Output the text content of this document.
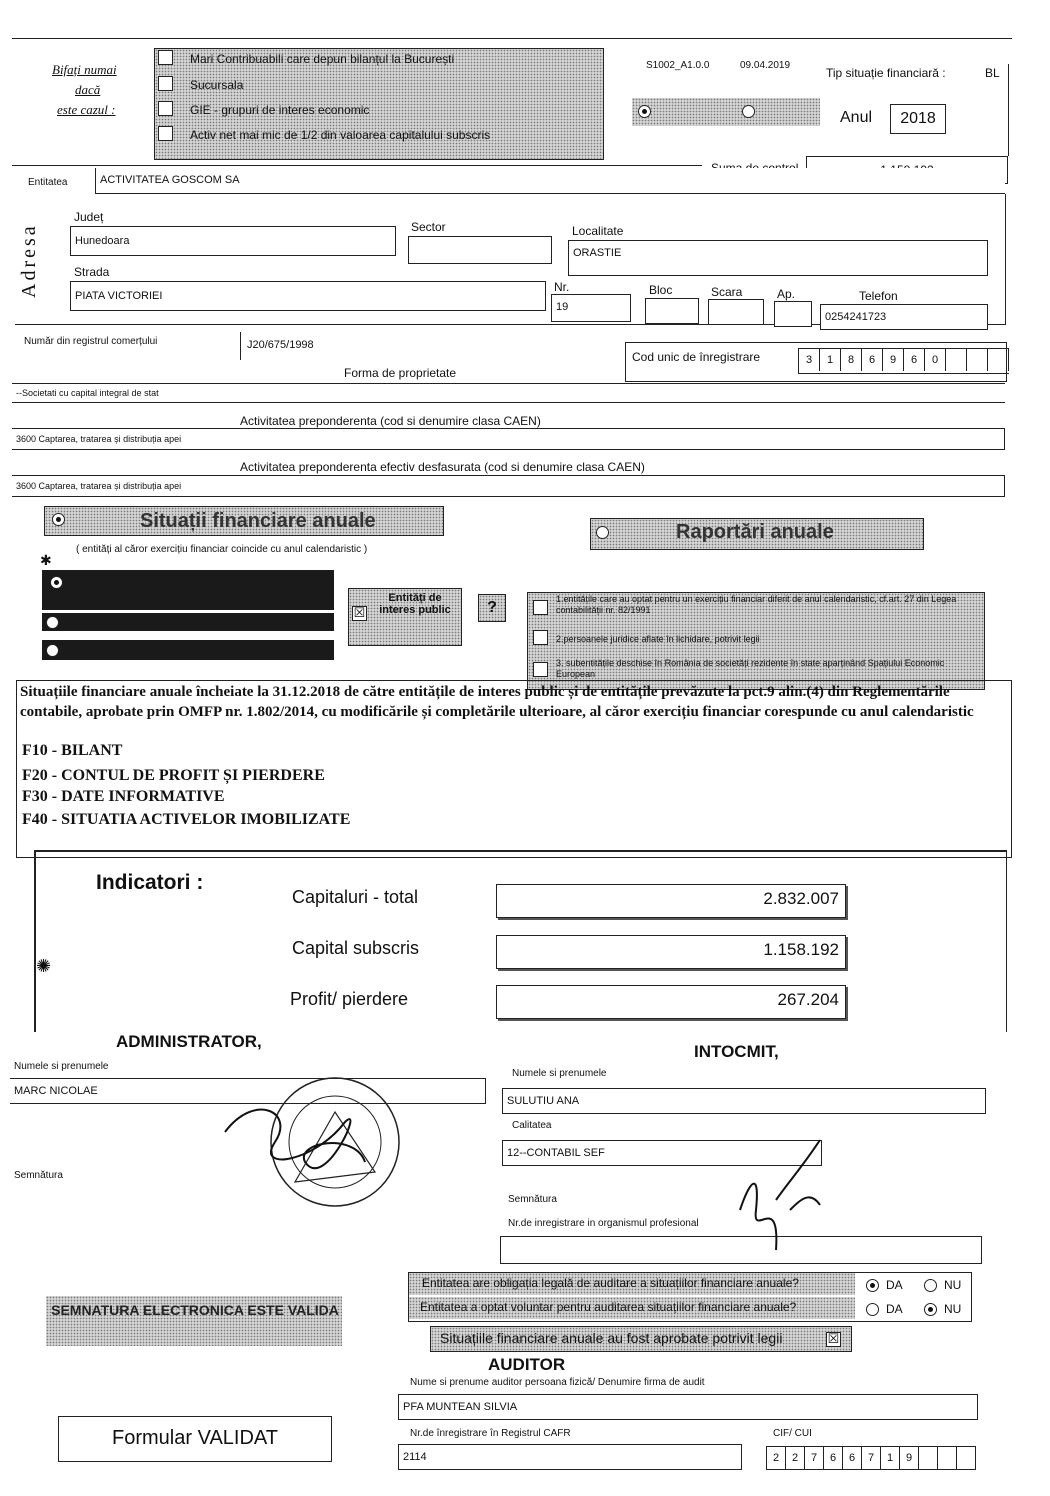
Bifați numai
dacă
este cazul :
Mari Contribuabili care depun bilanțul la București
Sucursala
GIE - grupuri de interes economic
Activ net mai mic de 1/2 din valoarea capitalului subscris
S1002_A1.0.0	09.04.2019
Tip situație financiară :	BL
Anul	2018
Entitatea	ACTIVITATEA GOSCOM SA
Adresa
Județ
Hunedoara
Sector	Localitate
ORASTIE
Strada
PIATA VICTORIEI
Nr.
19
Bloc	Scara	Ap.	Telefon
0254241723
Număr din registrul comerțului	J20/675/1998
Cod unic de înregistrare	3	1	8	6	9	6	0
Forma de proprietate
--Societati cu capital integral de stat
Activitatea preponderenta (cod si denumire clasa CAEN)
3600 Captarea, tratarea și distribuția apei
Activitatea preponderenta efectiv desfasurata (cod si denumire clasa CAEN)
3600 Captarea, tratarea și distribuția apei
Situații financiare anuale
( entități al căror exercițiu financiar coincide cu anul calendaristic )
Raportări anuale
✱
☒
Entități de interes public	?	1.entitățile care au optat pentru un exercițiu financiar diferit de anul calendaristic, cf.art. 27 din Legea contabilității nr. 82/1991
2.persoanele juridice aflate în lichidare, potrivit legii
3. subentitățile deschise în România de societăți rezidente în state aparținând Spațiului Economic European
Situațiile financiare anuale încheiate la 31.12.2018 de către entitățile de interes public și de entitățile prevăzute la pct.9 alin.(4) din Reglementările contabile, aprobate prin OMFP nr. 1.802/2014, cu modificările și completările ulterioare, al căror exercițiu financiar corespunde cu anul calendaristic
F10 - BILANT
F20 - CONTUL DE PROFIT ȘI PIERDERE
F30 - DATE INFORMATIVE
F40 - SITUATIA ACTIVELOR IMOBILIZATE
Indicatori :
Capitaluri - total	2.832.007
Capital subscris	1.158.192
Profit/ pierdere	267.204
✺
ADMINISTRATOR,
Numele si prenumele
MARC NICOLAE
Semnătura
INTOCMIT,
Numele si prenumele
SULUTIU ANA
Calitatea
12--CONTABIL SEF
Semnătura
Nr.de inregistrare in organismul profesional
Entitatea are obligația legală de auditare a situațiilor financiare anuale?	DA	NU
Entitatea a optat voluntar pentru auditarea situațiilor financiare anuale?	DA	NU
Situațiile financiare anuale au fost aprobate potrivit legii	☒
SEMNATURA ELECTRONICA ESTE VALIDA
AUDITOR
Nume si prenume auditor persoana fizică/ Denumire firma de audit
PFA MUNTEAN SILVIA
Nr.de înregistrare în Registrul CAFR
2114
CIF/ CUI
2	2	7	6	6	7	1	9
Formular VALIDAT
